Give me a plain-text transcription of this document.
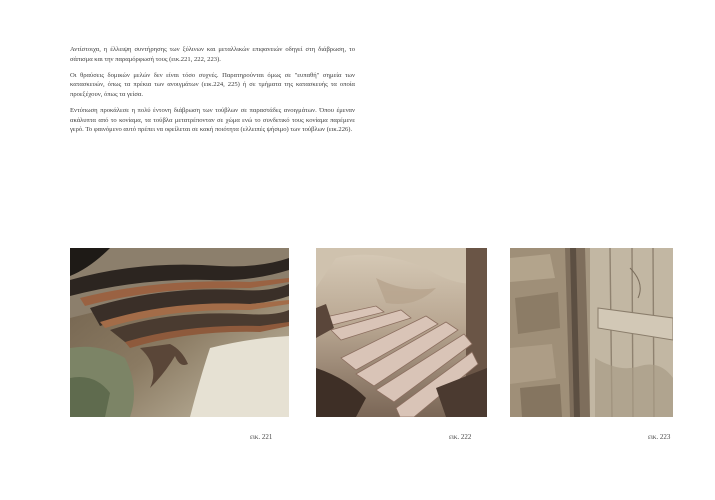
Αντίστοιχα, η έλλειψη συντήρησης των ξύλινων και μεταλλικών επιφανειών οδηγεί στη διάβρωση, το σάπισμα και την παραμόρφωσή τους (εικ.221, 222, 223).

Οι θραύσεις δομικών μελών δεν είναι τόσο συχνές. Παρατηρούνται όμως σε "ευπαθή" σημεία των κατασκευών, όπως τα πρέκια των ανοιγμάτων (εικ.224, 225) ή σε τμήματα της κατασκευής τα οποία προεξέχουν, όπως τα γείσα.

Εντύπωση προκάλεσε η πολύ έντονη διάβρωση των τούβλων σε παραστάδες ανοιγμάτων. Όπου έμεναν ακάλυπτα από το κονίαμα, τα τούβλα μετατρέπονταν σε χώμα ενώ το συνδετικό τους κονίαμα παρέμενε γερό. Το φαινόμενο αυτό πρέπει να οφείλεται σε κακή ποιότητα (ελλειπές ψήσιμο) των τούβλων (εικ.226).

εικ. 221	εικ. 222	εικ. 223
